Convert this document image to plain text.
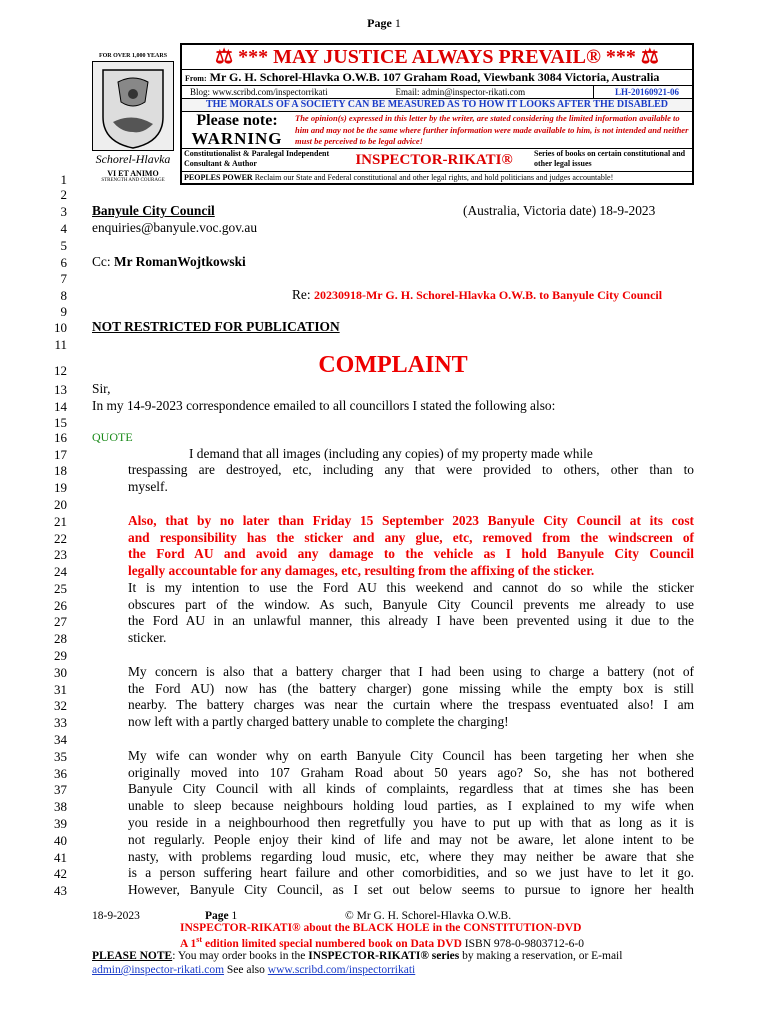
Page 1
FOR OVER 1,000 YEARS
Schorel-Hlavka
VI ET ANIMO
STRENGTH AND COURAGE
⚖ *** MAY JUSTICE ALWAYS PREVAIL® *** ⚖
From: Mr G. H. Schorel-Hlavka O.W.B. 107 Graham Road, Viewbank 3084 Victoria, Australia
Blog: www.scribd.com/inspectorrikati	Email: admin@inspector-rikati.com	LH-20160921-06
THE MORALS OF A SOCIETY CAN BE MEASURED AS TO HOW IT LOOKS AFTER THE DISABLED
Please note:
WARNING
The opinion(s) expressed in this letter by the writer, are stated considering the limited information available to him and may not be the same where further information were made available to him, is not intended and neither must be perceived to be legal advice!
Constitutionalist & Paralegal Independent Consultant & Author	INSPECTOR-RIKATI®	Series of books on certain constitutional and other legal issues
PEOPLES POWER Reclaim our State and Federal constitutional and other legal rights, and hold politicians and judges accountable!
1
2
3
4
5
6
7
8
9
10
11
12
13
14
15
16
17
18
19
20
21
22
23
24
25
26
27
28
29
30
31
32
33
34
35
36
37
38
39
40
41
42
43
Banyule City Council	(Australia, Victoria date) 18-9-2023
enquiries@banyule.voc.gov.au
Cc: Mr RomanWojtkowski
Re: 20230918-Mr G. H. Schorel-Hlavka O.W.B. to Banyule City Council
NOT RESTRICTED FOR PUBLICATION
COMPLAINT
Sir,
In my 14-9-2023 correspondence emailed to all councillors I stated the following also:
QUOTE
I demand that all images (including any copies) of my property made while
trespassing are destroyed, etc, including any that were provided to others, other than to
myself.
Also, that by no later than Friday 15 September 2023 Banyule City Council at its cost
and responsibility has the sticker and any glue, etc, removed from the windscreen of
the Ford AU and avoid any damage to the vehicle as I hold Banyule City Council
legally accountable for any damages, etc, resulting from the affixing of the sticker.
It is my intention to use the Ford AU this weekend and cannot do so while the sticker
obscures part of the window. As such, Banyule City Council prevents me already to use
the Ford AU in an unlawful manner, this already I have been prevented using it due to the
sticker.
My concern is also that a battery charger that I had been using to charge a battery (not of
the Ford AU) now has (the battery charger) gone missing while the empty box is still
nearby. The battery charges was near the curtain where the trespass eventuated also! I am
now left with a partly charged battery unable to complete the charging!
My wife can wonder why on earth Banyule City Council has been targeting her when she
originally moved into 107 Graham Road about 50 years ago? So, she has not bothered
Banyule City Council with all kinds of complaints, regardless that at times she has been
unable to sleep because neighbours holding loud parties, as I explained to my wife when
you reside in a neighbourhood then regretfully you have to put up with that as long as it is
not regularly. People enjoy their kind of life and may not be aware, let alone intent to be
nasty, with problems regarding loud music, etc, where they may neither be aware that she
is a person suffering heart failure and other comorbidities, and so we just have to let it go.
However, Banyule City Council, as I set out below seems to pursue to ignore her health
18-9-2023	Page 1	© Mr G. H. Schorel-Hlavka O.W.B.
INSPECTOR-RIKATI® about the BLACK HOLE in the CONSTITUTION-DVD
A 1st edition limited special numbered book on Data DVD ISBN 978-0-9803712-6-0
PLEASE NOTE: You may order books in the INSPECTOR-RIKATI® series by making a reservation, or E-mail
admin@inspector-rikati.com See also www.scribd.com/inspectorrikati
